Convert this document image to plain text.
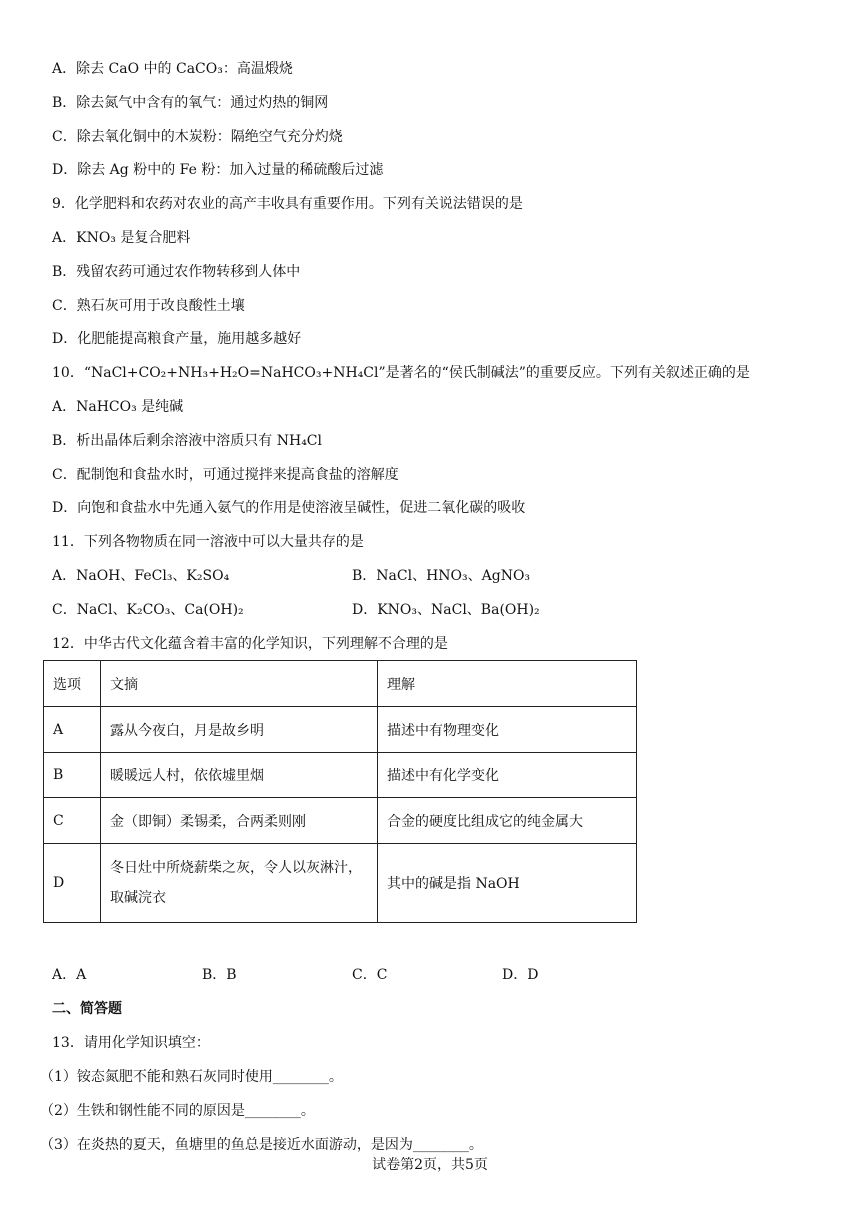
A．除去 CaO 中的 CaCO₃：高温煅烧
B．除去氮气中含有的氧气：通过灼热的铜网
C．除去氧化铜中的木炭粉：隔绝空气充分灼烧
D．除去 Ag 粉中的 Fe 粉：加入过量的稀硫酸后过滤
9．化学肥料和农药对农业的高产丰收具有重要作用。下列有关说法错误的是
A．KNO₃ 是复合肥料
B．残留农药可通过农作物转移到人体中
C．熟石灰可用于改良酸性土壤
D．化肥能提高粮食产量，施用越多越好
10．“NaCl+CO₂+NH₃+H₂O=NaHCO₃+NH₄Cl”是著名的“侯氏制碱法”的重要反应。下列有关叙述正确的是
A．NaHCO₃ 是纯碱
B．析出晶体后剩余溶液中溶质只有 NH₄Cl
C．配制饱和食盐水时，可通过搅拌来提高食盐的溶解度
D．向饱和食盐水中先通入氨气的作用是使溶液呈碱性，促进二氧化碳的吸收
11．下列各物物质在同一溶液中可以大量共存的是
A．NaOH、FeCl₃、K₂SO₄	B．NaCl、HNO₃、AgNO₃
C．NaCl、K₂CO₃、Ca(OH)₂	D．KNO₃、NaCl、Ba(OH)₂
12．中华古代文化蕴含着丰富的化学知识，下列理解不合理的是
选项	文摘	理解
A	露从今夜白，月是故乡明	描述中有物理变化
B	暖暖远人村，依依墟里烟	描述中有化学变化
C	金（即铜）柔锡柔，合两柔则刚	合金的硬度比组成它的纯金属大
D	冬日灶中所烧薪柴之灰，令人以灰淋汁，取碱浣衣	其中的碱是指 NaOH
A．A	B．B	C．C	D．D
二、简答题
13．请用化学知识填空：
（1）铵态氮肥不能和熟石灰同时使用________。
（2）生铁和钢性能不同的原因是________。
（3）在炎热的夏天，鱼塘里的鱼总是接近水面游动，是因为________。
试卷第2页，共5页
